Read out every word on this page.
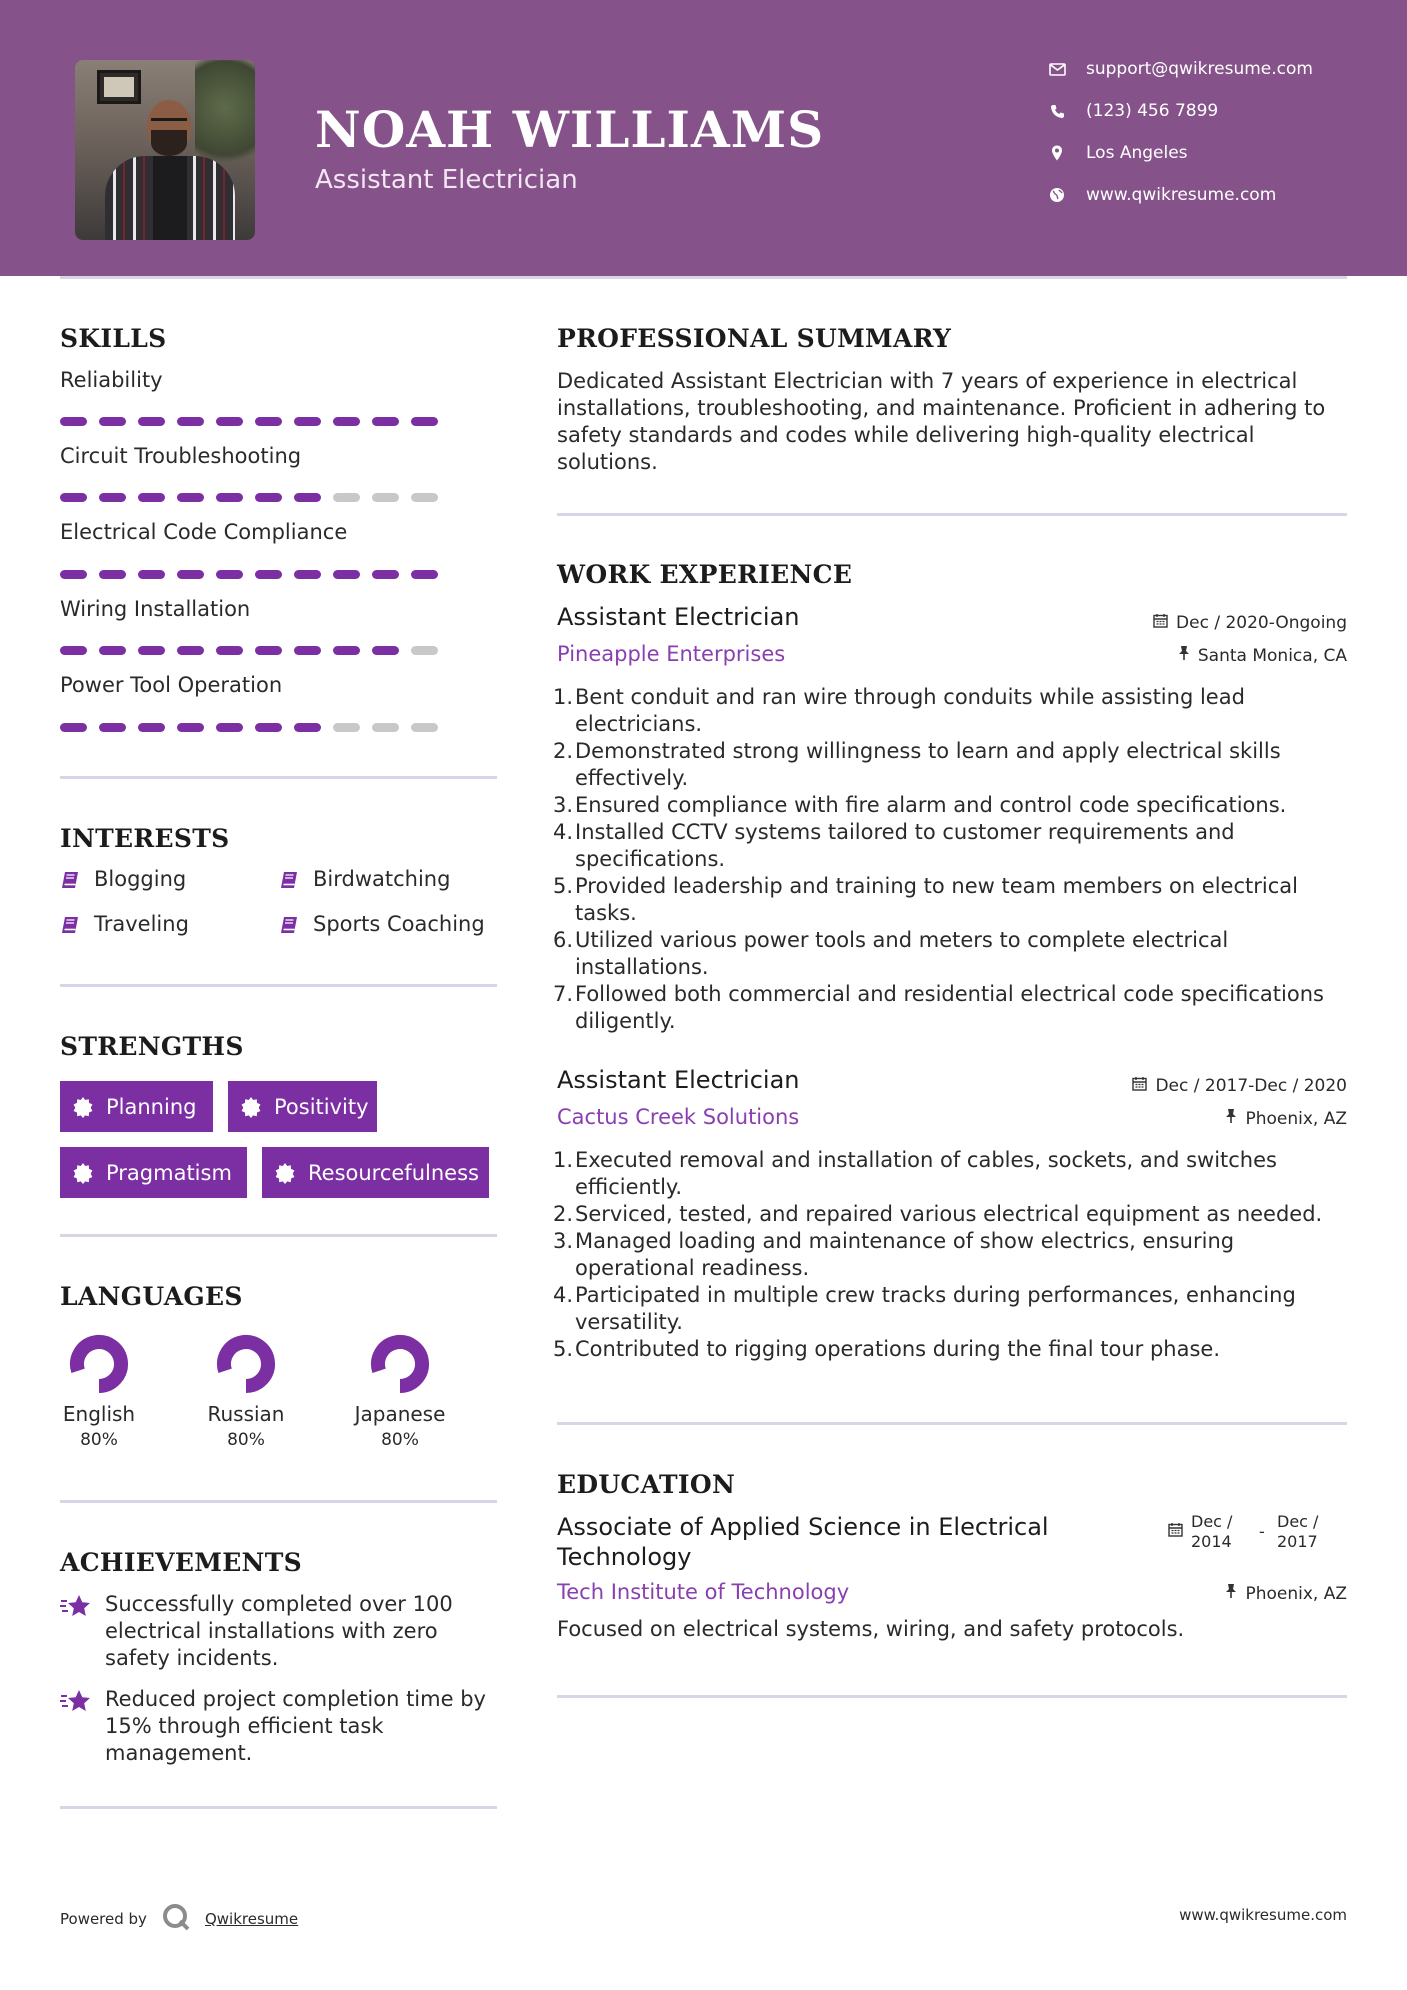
NOAH WILLIAMS
Assistant Electrician
support@qwikresume.com
(123) 456 7899
Los Angeles
www.qwikresume.com
SKILLS
Reliability
Circuit Troubleshooting
Electrical Code Compliance
Wiring Installation
Power Tool Operation
INTERESTS
Blogging	Birdwatching
Traveling	Sports Coaching
STRENGTHS
Planning	Positivity
Pragmatism	Resourcefulness
LANGUAGES
English
80%
Russian
80%
Japanese
80%
ACHIEVEMENTS
Successfully completed over 100 electrical installations with zero safety incidents.
Reduced project completion time by 15% through efficient task management.
PROFESSIONAL SUMMARY
Dedicated Assistant Electrician with 7 years of experience in electrical installations, troubleshooting, and maintenance. Proficient in adhering to safety standards and codes while delivering high-quality electrical solutions.
WORK EXPERIENCE
Assistant Electrician	Dec / 2020-Ongoing
Pineapple Enterprises	Santa Monica, CA
1. Bent conduit and ran wire through conduits while assisting lead electricians.
2. Demonstrated strong willingness to learn and apply electrical skills effectively.
3. Ensured compliance with fire alarm and control code specifications.
4. Installed CCTV systems tailored to customer requirements and specifications.
5. Provided leadership and training to new team members on electrical tasks.
6. Utilized various power tools and meters to complete electrical installations.
7. Followed both commercial and residential electrical code specifications diligently.
Assistant Electrician	Dec / 2017-Dec / 2020
Cactus Creek Solutions	Phoenix, AZ
1. Executed removal and installation of cables, sockets, and switches efficiently.
2. Serviced, tested, and repaired various electrical equipment as needed.
3. Managed loading and maintenance of show electrics, ensuring operational readiness.
4. Participated in multiple crew tracks during performances, enhancing versatility.
5. Contributed to rigging operations during the final tour phase.
EDUCATION
Associate of Applied Science in Electrical Technology
Dec / 2014
-
Dec / 2017
Tech Institute of Technology	Phoenix, AZ
Focused on electrical systems, wiring, and safety protocols.
Powered by	Qwikresume	www.qwikresume.com
